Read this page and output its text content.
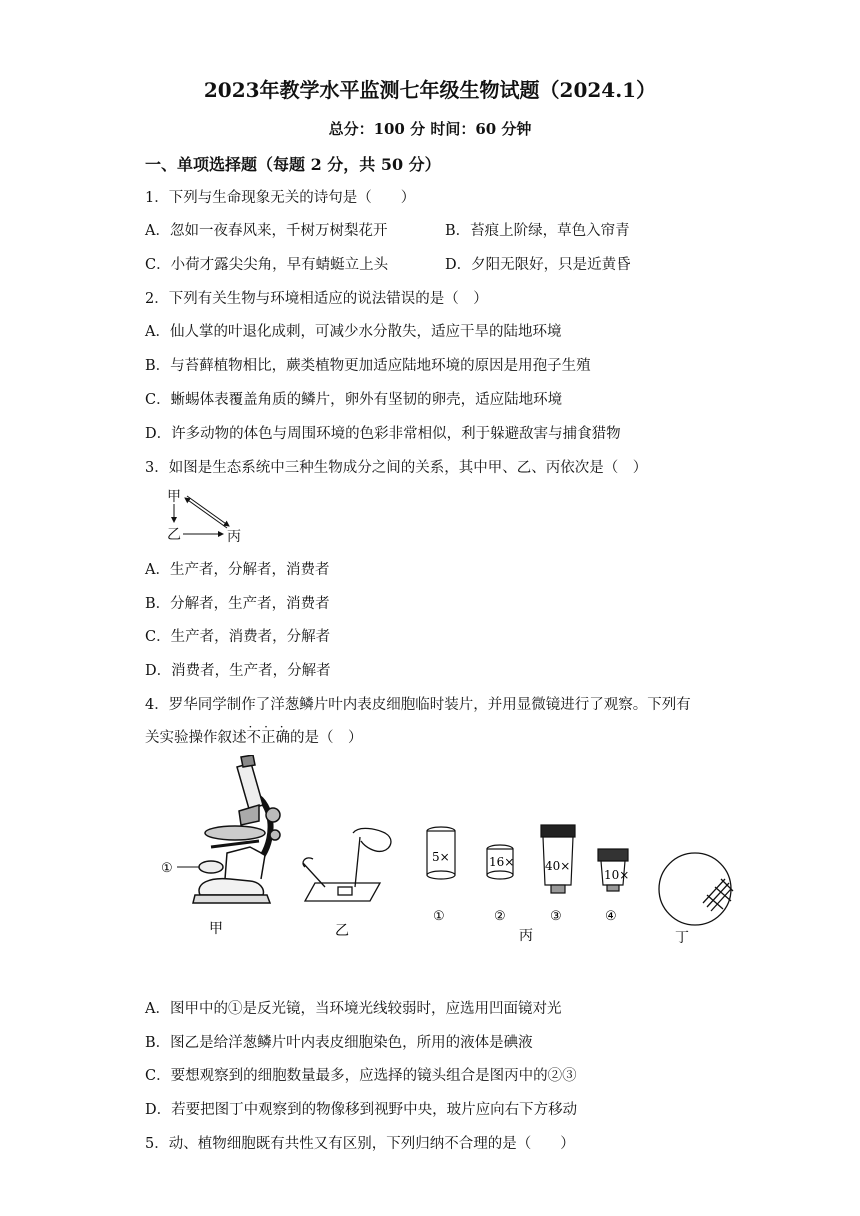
2023年教学水平监测七年级生物试题（2024.1）
总分：100 分 时间：60 分钟
一、单项选择题（每题 2 分，共 50 分）
1．下列与生命现象无关的诗句是（　　）
A．忽如一夜春风来，千树万树梨花开	B．苔痕上阶绿，草色入帘青
C．小荷才露尖尖角，早有蜻蜓立上头	D．夕阳无限好，只是近黄昏
2．下列有关生物与环境相适应的说法错误的是（　）
A．仙人掌的叶退化成刺，可减少水分散失，适应干旱的陆地环境
B．与苔藓植物相比，蕨类植物更加适应陆地环境的原因是用孢子生殖
C．蜥蜴体表覆盖角质的鳞片，卵外有坚韧的卵壳，适应陆地环境
D．许多动物的体色与周围环境的色彩非常相似，利于躲避敌害与捕食猎物
3．如图是生态系统中三种生物成分之间的关系，其中甲、乙、丙依次是（　）
甲
乙	丙
A．生产者，分解者，消费者
B．分解者，生产者，消费者
C．生产者，消费者，分解者
D．消费者，生产者，分解者
4．罗华同学制作了洋葱鳞片叶内表皮细胞临时装片，并用显微镜进行了观察。下列有
关实验操作叙述不正确 · · ·的是（　）
①
5×	16×	40×
10×
①	②	③	④
甲	乙	丙	丁
A．图甲中的①是反光镜，当环境光线较弱时，应选用凹面镜对光
B．图乙是给洋葱鳞片叶内表皮细胞染色，所用的液体是碘液
C．要想观察到的细胞数量最多，应选择的镜头组合是图丙中的②③
D．若要把图丁中观察到的物像移到视野中央，玻片应向右下方移动
5．动、植物细胞既有共性又有区别，下列归纳不合理的是（　　）
